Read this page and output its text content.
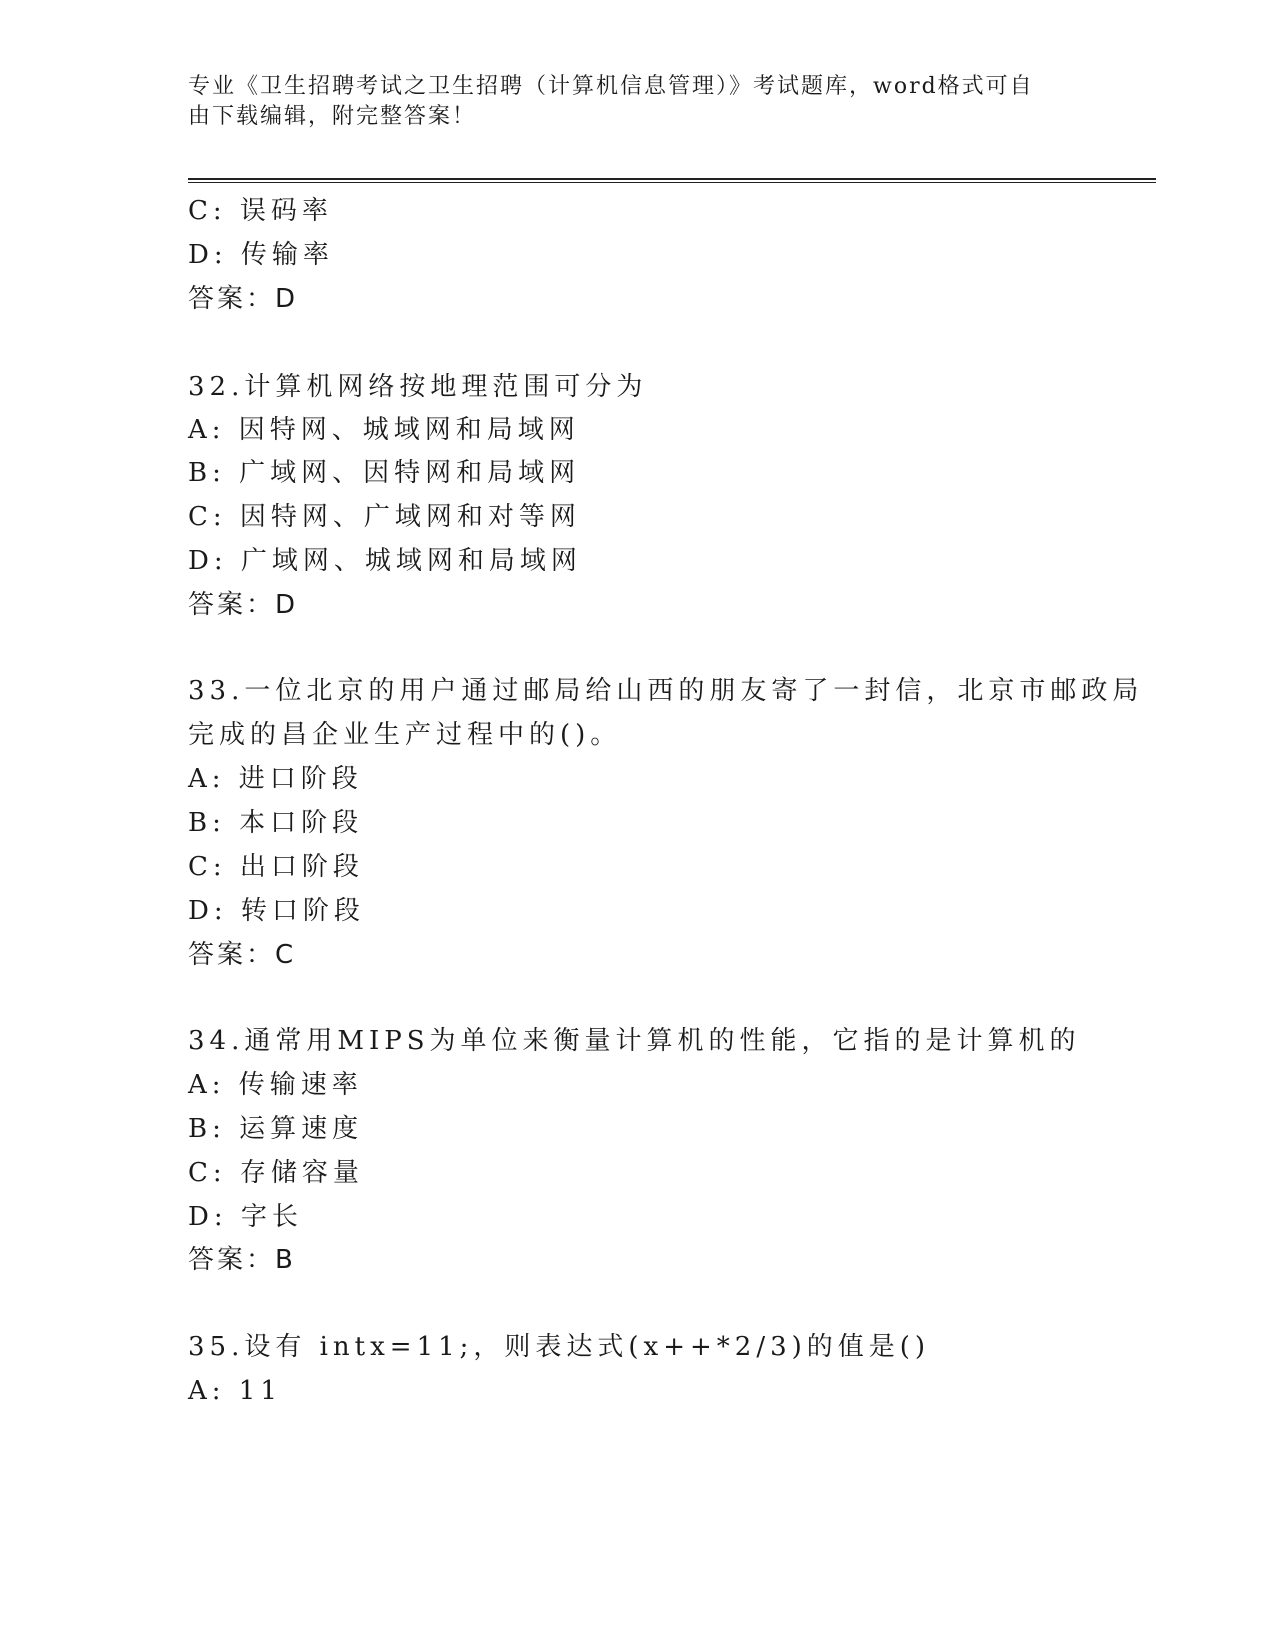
专业《卫生招聘考试之卫生招聘（计算机信息管理）》考试题库，word格式可自
由下载编辑，附完整答案！
C: 误码率
D: 传输率
答案：D
32.计算机网络按地理范围可分为
A: 因特网、城域网和局域网
B: 广域网、因特网和局域网
C: 因特网、广域网和对等网
D: 广域网、城域网和局域网
答案：D
33.一位北京的用户通过邮局给山西的朋友寄了一封信，北京市邮政局
完成的昌企业生产过程中的()。
A: 进口阶段
B: 本口阶段
C: 出口阶段
D: 转口阶段
答案：C
34.通常用MIPS为单位来衡量计算机的性能，它指的是计算机的
A: 传输速率
B: 运算速度
C: 存储容量
D: 字长
答案：B
35.设有 intx=11;，则表达式(x++*2/3)的值是()
A: 11
